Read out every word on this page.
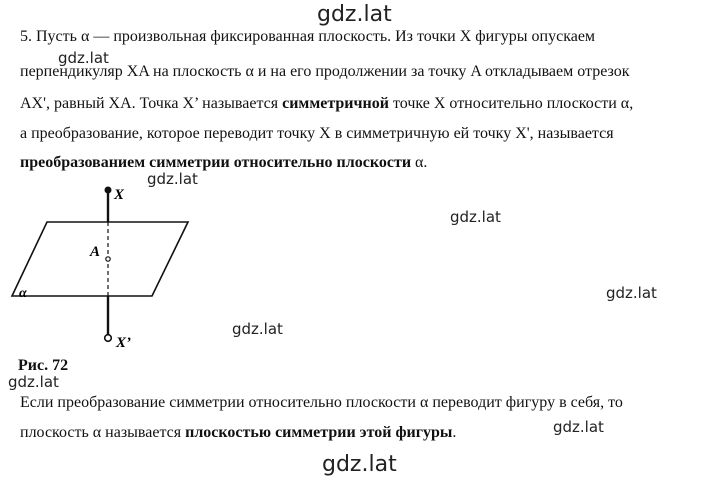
gdz.lat
gdz.lat
gdz.lat
gdz.lat
gdz.lat
gdz.lat
gdz.lat
gdz.lat
gdz.lat
5. Пусть α — произвольная фиксированная плоскость. Из точки X фигуры опускаем
перпендикуляр XA на плоскость α и на его продолжении за точку A откладываем отрезок
AX', равный XA. Точка X’ называется симметричной точке X относительно плоскости α,
а преобразование, которое переводит точку X в симметричную ей точку X', называется
преобразованием симметрии относительно плоскости α.
X
A
α
X’
Рис. 72
Если преобразование симметрии относительно плоскости α переводит фигуру в себя, то
плоскость α называется плоскостью симметрии этой фигуры.
